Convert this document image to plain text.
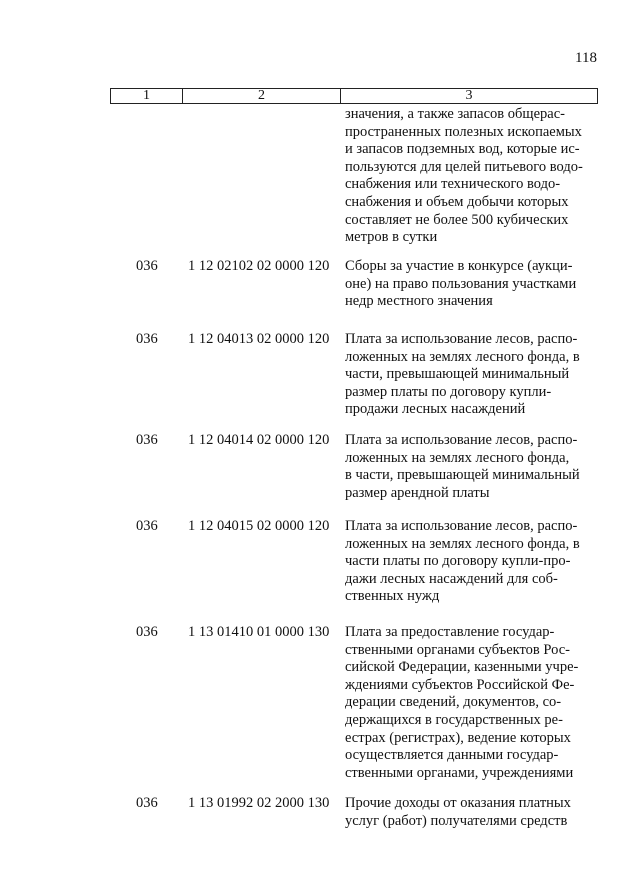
118
1	2	3
значения, а также запасов общерас-
пространенных полезных ископаемых
и запасов подземных вод, которые ис-
пользуются для целей питьевого водо-
снабжения или технического водо-
снабжения и объем добычи которых
составляет не более 500 кубических
метров в сутки
036	1 12 02102 02 0000 120 Сборы за участие в конкурсе (аукци-
оне) на право пользования участками
недр местного значения
036	1 12 04013 02 0000 120 Плата за использование лесов, распо-
ложенных на землях лесного фонда, в
части, превышающей минимальный
размер платы по договору купли-
продажи лесных насаждений
036	1 12 04014 02 0000 120 Плата за использование лесов, распо-
ложенных на землях лесного фонда,
в части, превышающей минимальный
размер арендной платы
036	1 12 04015 02 0000 120 Плата за использование лесов, распо-
ложенных на землях лесного фонда, в
части платы по договору купли-про-
дажи лесных насаждений для соб-
ственных нужд
036	1 13 01410 01 0000 130 Плата за предоставление государ-
ственными органами субъектов Рос-
сийской Федерации, казенными учре-
ждениями субъектов Российской Фе-
дерации сведений, документов, со-
держащихся в государственных ре-
естрах (регистрах), ведение которых
осуществляется данными государ-
ственными органами, учреждениями
036	1 13 01992 02 2000 130 Прочие доходы от оказания платных
услуг (работ) получателями средств
